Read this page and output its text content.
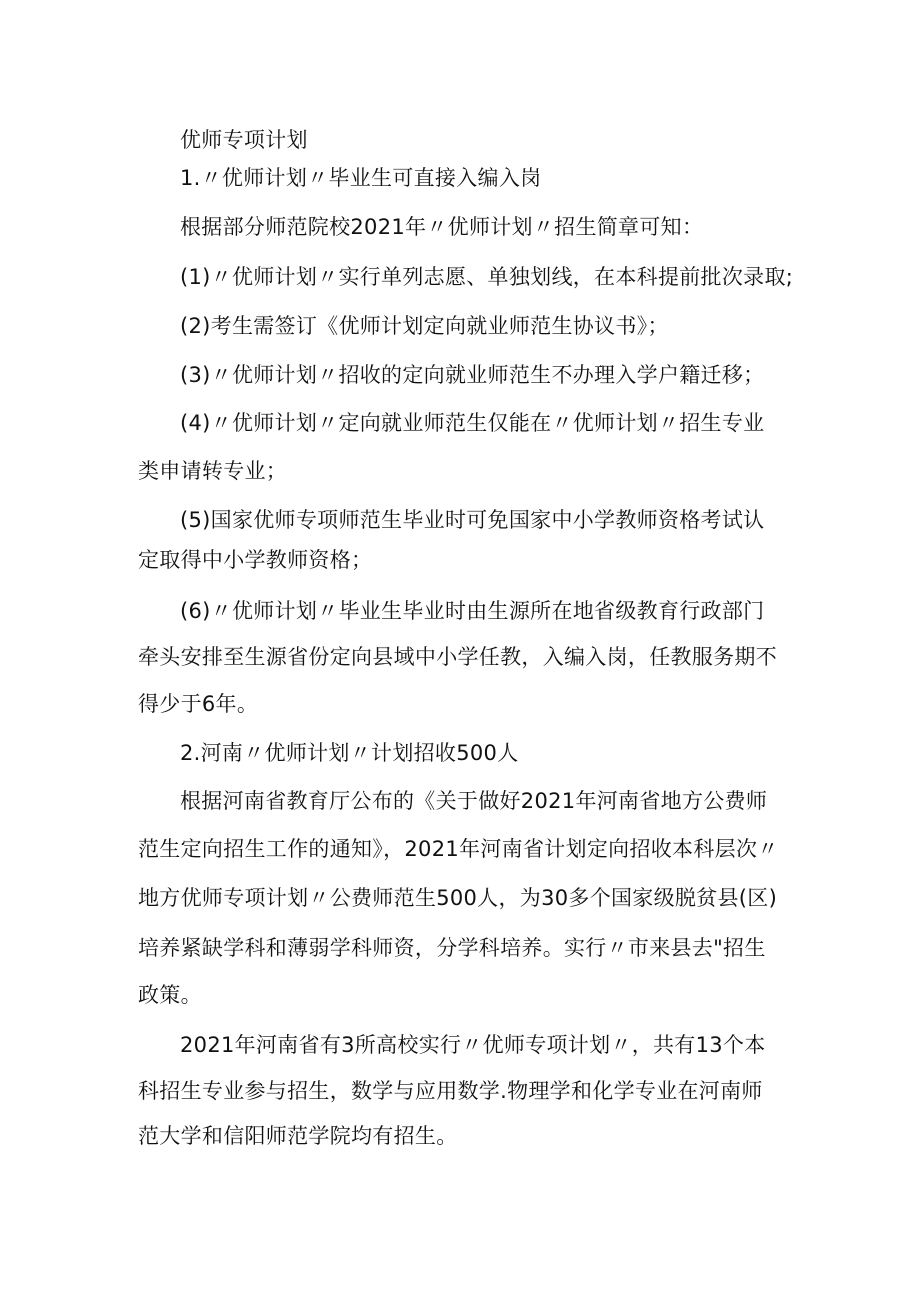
优师专项计划
1.〃优师计划〃毕业生可直接入编入岗
根据部分师范院校2021年〃优师计划〃招生简章可知：
(1)〃优师计划〃实行单列志愿、单独划线，在本科提前批次录取;
(2)考生需签订《优师计划定向就业师范生协议书》；
(3)〃优师计划〃招收的定向就业师范生不办理入学户籍迁移；
(4)〃优师计划〃定向就业师范生仅能在〃优师计划〃招生专业
类申请转专业；
(5)国家优师专项师范生毕业时可免国家中小学教师资格考试认
定取得中小学教师资格；
(6)〃优师计划〃毕业生毕业时由生源所在地省级教育行政部门
牵头安排至生源省份定向县域中小学任教，入编入岗，任教服务期不
得少于6年。
2.河南〃优师计划〃计划招收500人
根据河南省教育厅公布的《关于做好2021年河南省地方公费师
范生定向招生工作的通知》，2021年河南省计划定向招收本科层次〃
地方优师专项计划〃公费师范生500人，为30多个国家级脱贫县(区)
培养紧缺学科和薄弱学科师资，分学科培养。实行〃市来县去"招生
政策。
2021年河南省有3所高校实行〃优师专项计划〃，共有13个本
科招生专业参与招生，数学与应用数学.物理学和化学专业在河南师
范大学和信阳师范学院均有招生。
